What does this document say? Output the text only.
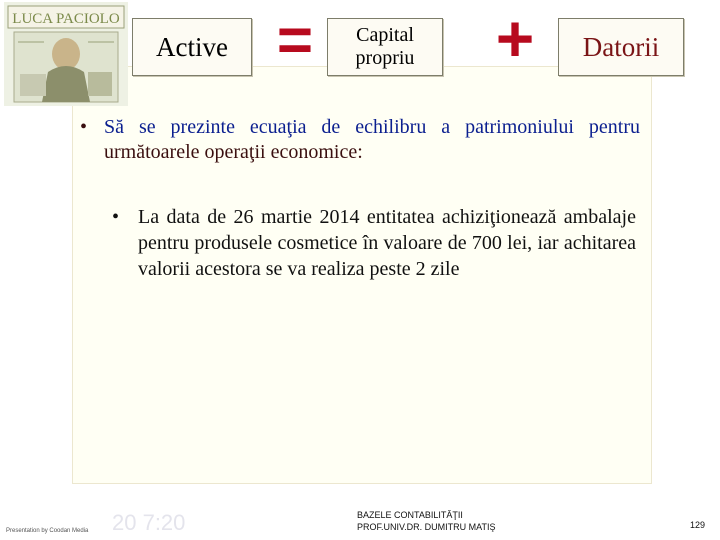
LUCA PACIOLO
Active =	Capital
propriu + Datorii
• Să se prezinte ecuaţia de echilibru a patrimoniului pentru următoarele operaţii economice:
• La data de 26 martie 2014 entitatea achiziţionează ambalaje pentru produsele cosmetice în valoare de 700 lei, iar achitarea valorii acestora se va realiza peste 2 zile
Presentation by Coodan Media 20 7:20	BAZELE CONTABILITĂŢII
PROF.UNIV.DR. DUMITRU MATIŞ	129
